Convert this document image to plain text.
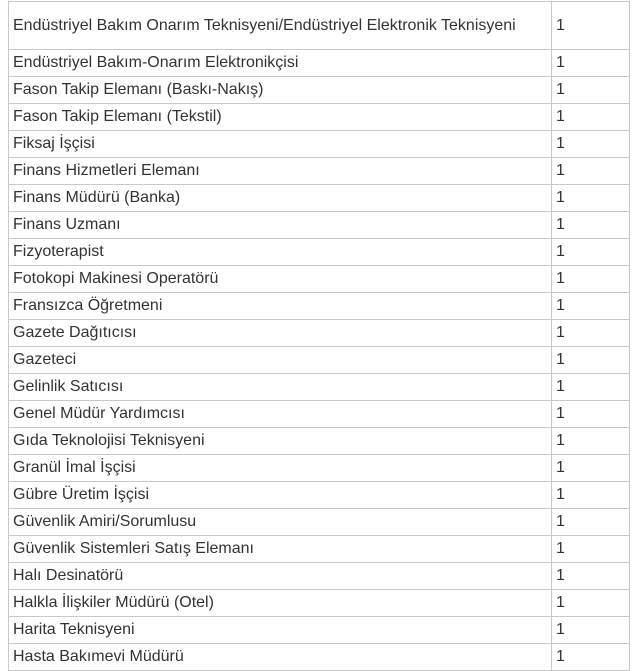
Endüstriyel Bakım Onarım Teknisyeni/Endüstriyel Elektronik Teknisyeni	1
Endüstriyel Bakım-Onarım Elektronikçisi	1
Fason Takip Elemanı (Baskı-Nakış)	1
Fason Takip Elemanı (Tekstil)	1
Fiksaj İşçisi	1
Finans Hizmetleri Elemanı	1
Finans Müdürü (Banka)	1
Finans Uzmanı	1
Fizyoterapist	1
Fotokopi Makinesi Operatörü	1
Fransızca Öğretmeni	1
Gazete Dağıtıcısı	1
Gazeteci	1
Gelinlik Satıcısı	1
Genel Müdür Yardımcısı	1
Gıda Teknolojisi Teknisyeni	1
Granül İmal İşçisi	1
Gübre Üretim İşçisi	1
Güvenlik Amiri/Sorumlusu	1
Güvenlik Sistemleri Satış Elemanı	1
Halı Desinatörü	1
Halkla İlişkiler Müdürü (Otel)	1
Harita Teknisyeni	1
Hasta Bakımevi Müdürü	1
